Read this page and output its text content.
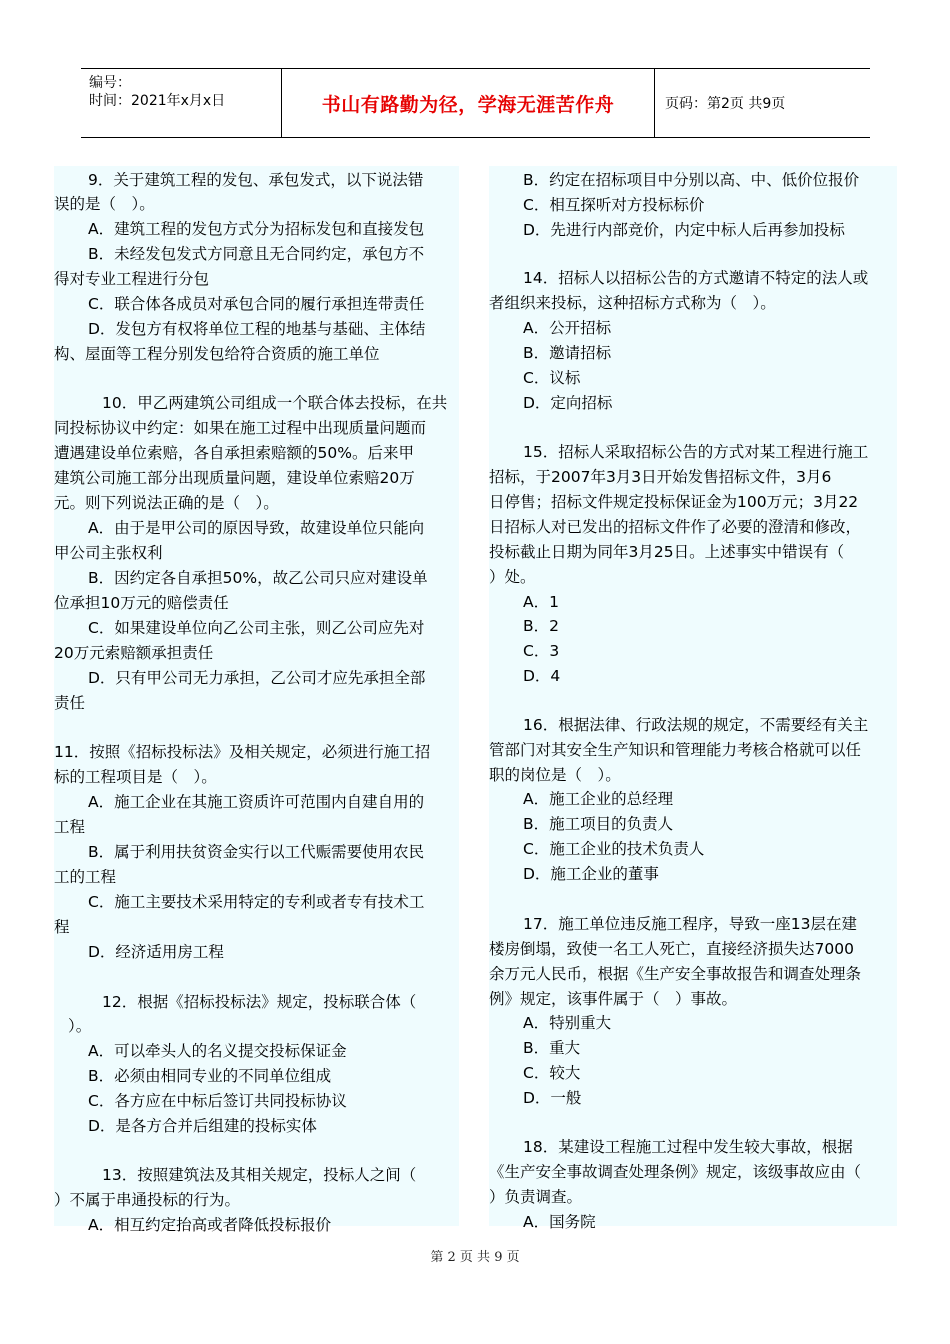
编号：
时间：2021年x月x日	书山有路勤为径，学海无涯苦作舟	页码：第2页 共9页
9．关于建筑工程的发包、承包发式，以下说法错
误的是（　）。
A．建筑工程的发包方式分为招标发包和直接发包
B．未经发包发式方同意且无合同约定，承包方不
得对专业工程进行分包
C．联合体各成员对承包合同的履行承担连带责任
D．发包方有权将单位工程的地基与基础、主体结
构、屋面等工程分别发包给符合资质的施工单位
10．甲乙两建筑公司组成一个联合体去投标，在共
同投标协议中约定：如果在施工过程中出现质量问题而
遭遇建设单位索赔，各自承担索赔额的50%。后来甲
建筑公司施工部分出现质量问题，建设单位索赔20万
元。则下列说法正确的是（　）。
A．由于是甲公司的原因导致，故建设单位只能向
甲公司主张权利
B．因约定各自承担50%，故乙公司只应对建设单
位承担10万元的赔偿责任
C．如果建设单位向乙公司主张，则乙公司应先对
20万元索赔额承担责任
D．只有甲公司无力承担，乙公司才应先承担全部
责任
11．按照《招标投标法》及相关规定，必须进行施工招
标的工程项目是（　）。
A．施工企业在其施工资质许可范围内自建自用的
工程
B．属于利用扶贫资金实行以工代赈需要使用农民
工的工程
C．施工主要技术采用特定的专利或者专有技术工
程
D．经济适用房工程
12．根据《招标投标法》规定，投标联合体（
）。
A．可以牵头人的名义提交投标保证金
B．必须由相同专业的不同单位组成
C．各方应在中标后签订共同投标协议
D．是各方合并后组建的投标实体
13．按照建筑法及其相关规定，投标人之间（
）不属于串通投标的行为。
A．相互约定抬高或者降低投标报价
B．约定在招标项目中分别以高、中、低价位报价
C．相互探听对方投标标价
D．先进行内部竞价，内定中标人后再参加投标
14．招标人以招标公告的方式邀请不特定的法人或
者组织来投标，这种招标方式称为（　）。
A．公开招标
B．邀请招标
C．议标
D．定向招标
15．招标人采取招标公告的方式对某工程进行施工
招标，于2007年3月3日开始发售招标文件，3月6
日停售；招标文件规定投标保证金为100万元；3月22
日招标人对已发出的招标文件作了必要的澄清和修改，
投标截止日期为同年3月25日。上述事实中错误有（
）处。
A．1
B．2
C．3
D．4
16．根据法律、行政法规的规定，不需要经有关主
管部门对其安全生产知识和管理能力考核合格就可以任
职的岗位是（　）。
A．施工企业的总经理
B．施工项目的负责人
C．施工企业的技术负责人
D．施工企业的董事
17．施工单位违反施工程序，导致一座13层在建
楼房倒塌，致使一名工人死亡，直接经济损失达7000
余万元人民币，根据《生产安全事故报告和调查处理条
例》规定，该事件属于（　）事故。
A．特别重大
B．重大
C．较大
D．一般
18．某建设工程施工过程中发生较大事故，根据
《生产安全事故调查处理条例》规定，该级事故应由（
）负责调查。
A．国务院
第 2 页 共 9 页
